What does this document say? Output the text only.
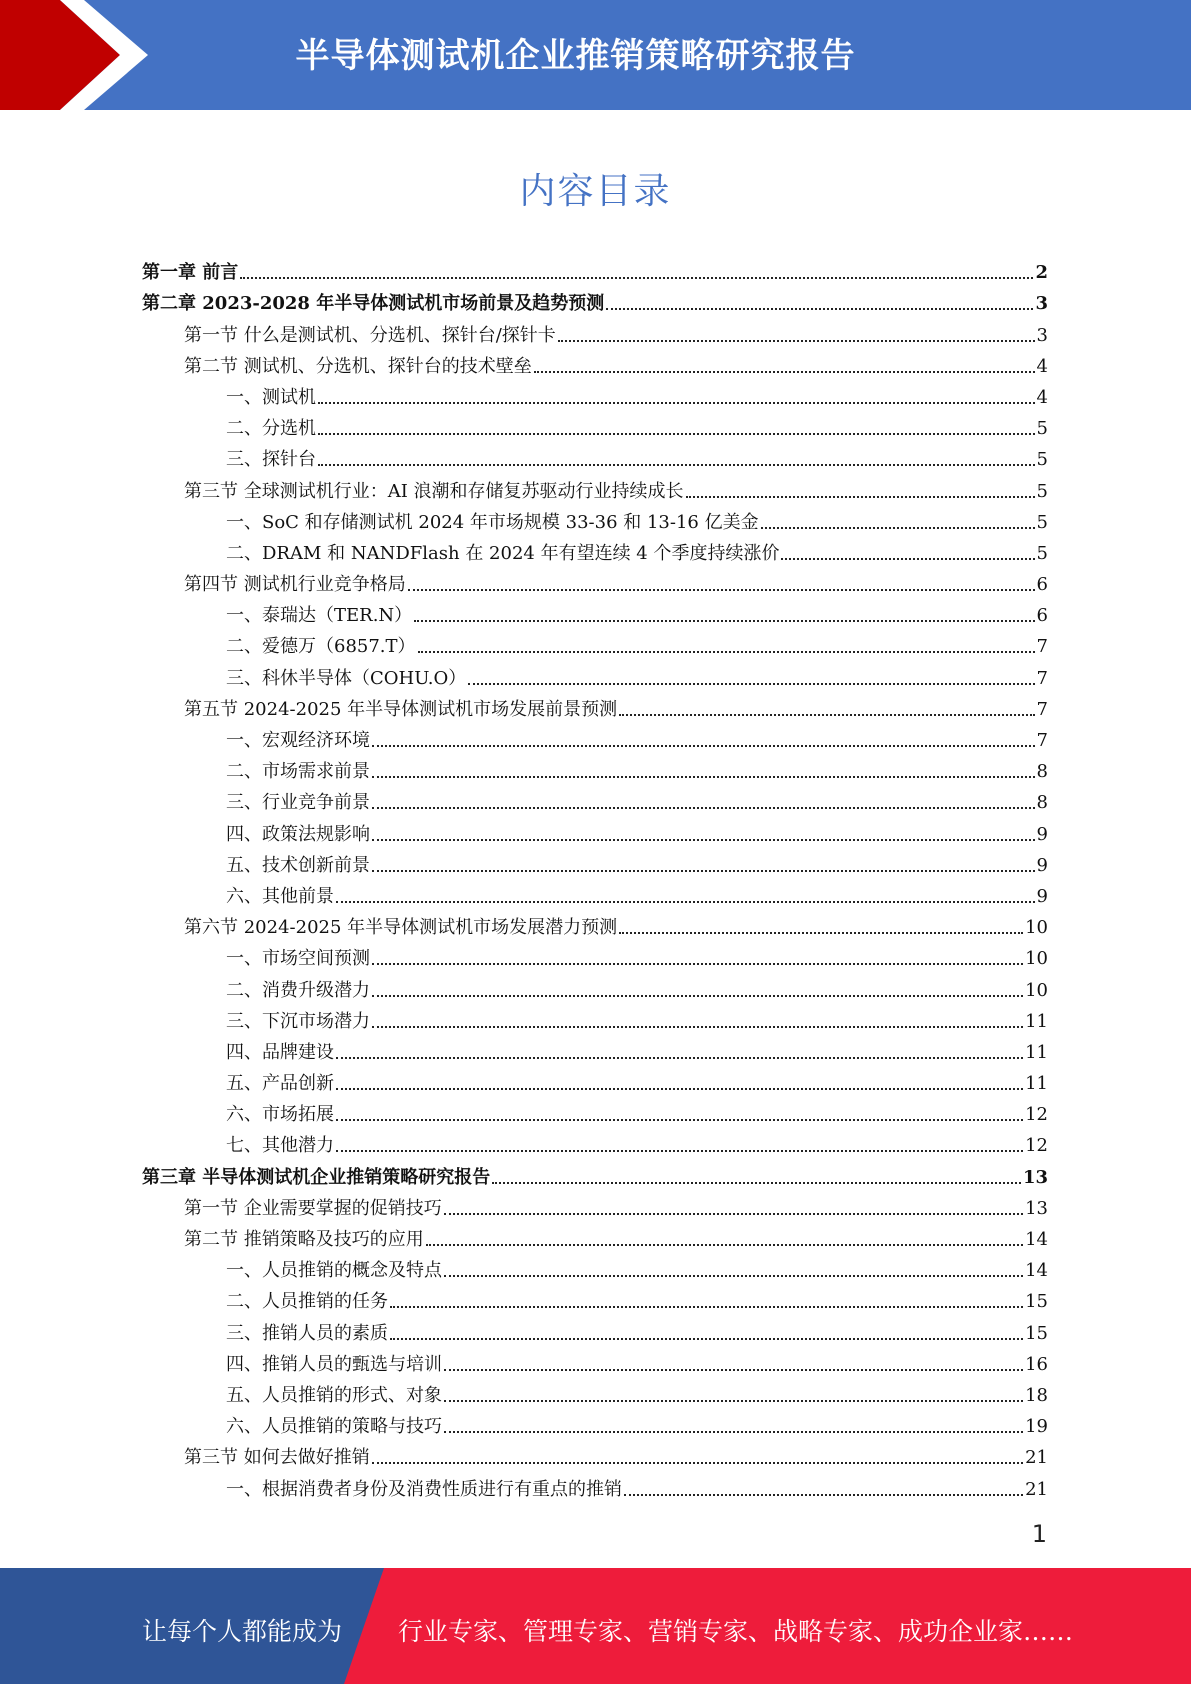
半导体测试机企业推销策略研究报告
内容目录
第一章 前言	2
第二章 2023-2028 年半导体测试机市场前景及趋势预测	3
第一节 什么是测试机、分选机、探针台/探针卡	3
第二节 测试机、分选机、探针台的技术壁垒	4
一、测试机	4
二、分选机	5
三、探针台	5
第三节 全球测试机行业：AI 浪潮和存储复苏驱动行业持续成长	5
一、SoC 和存储测试机 2024 年市场规模 33-36 和 13-16 亿美金	5
二、DRAM 和 NANDFlash 在 2024 年有望连续 4 个季度持续涨价	5
第四节 测试机行业竞争格局	6
一、泰瑞达（TER.N）	6
二、爱德万（6857.T）	7
三、科休半导体（COHU.O）	7
第五节 2024-2025 年半导体测试机市场发展前景预测	7
一、宏观经济环境	7
二、市场需求前景	8
三、行业竞争前景	8
四、政策法规影响	9
五、技术创新前景	9
六、其他前景	9
第六节 2024-2025 年半导体测试机市场发展潜力预测	10
一、市场空间预测	10
二、消费升级潜力	10
三、下沉市场潜力	11
四、品牌建设	11
五、产品创新	11
六、市场拓展	12
七、其他潜力	12
第三章 半导体测试机企业推销策略研究报告	13
第一节 企业需要掌握的促销技巧	13
第二节 推销策略及技巧的应用	14
一、人员推销的概念及特点	14
二、人员推销的任务	15
三、推销人员的素质	15
四、推销人员的甄选与培训	16
五、人员推销的形式、对象	18
六、人员推销的策略与技巧	19
第三节 如何去做好推销	21
一、根据消费者身份及消费性质进行有重点的推销	21
1
让每个人都能成为 行业专家、管理专家、营销专家、战略专家、成功企业家……
